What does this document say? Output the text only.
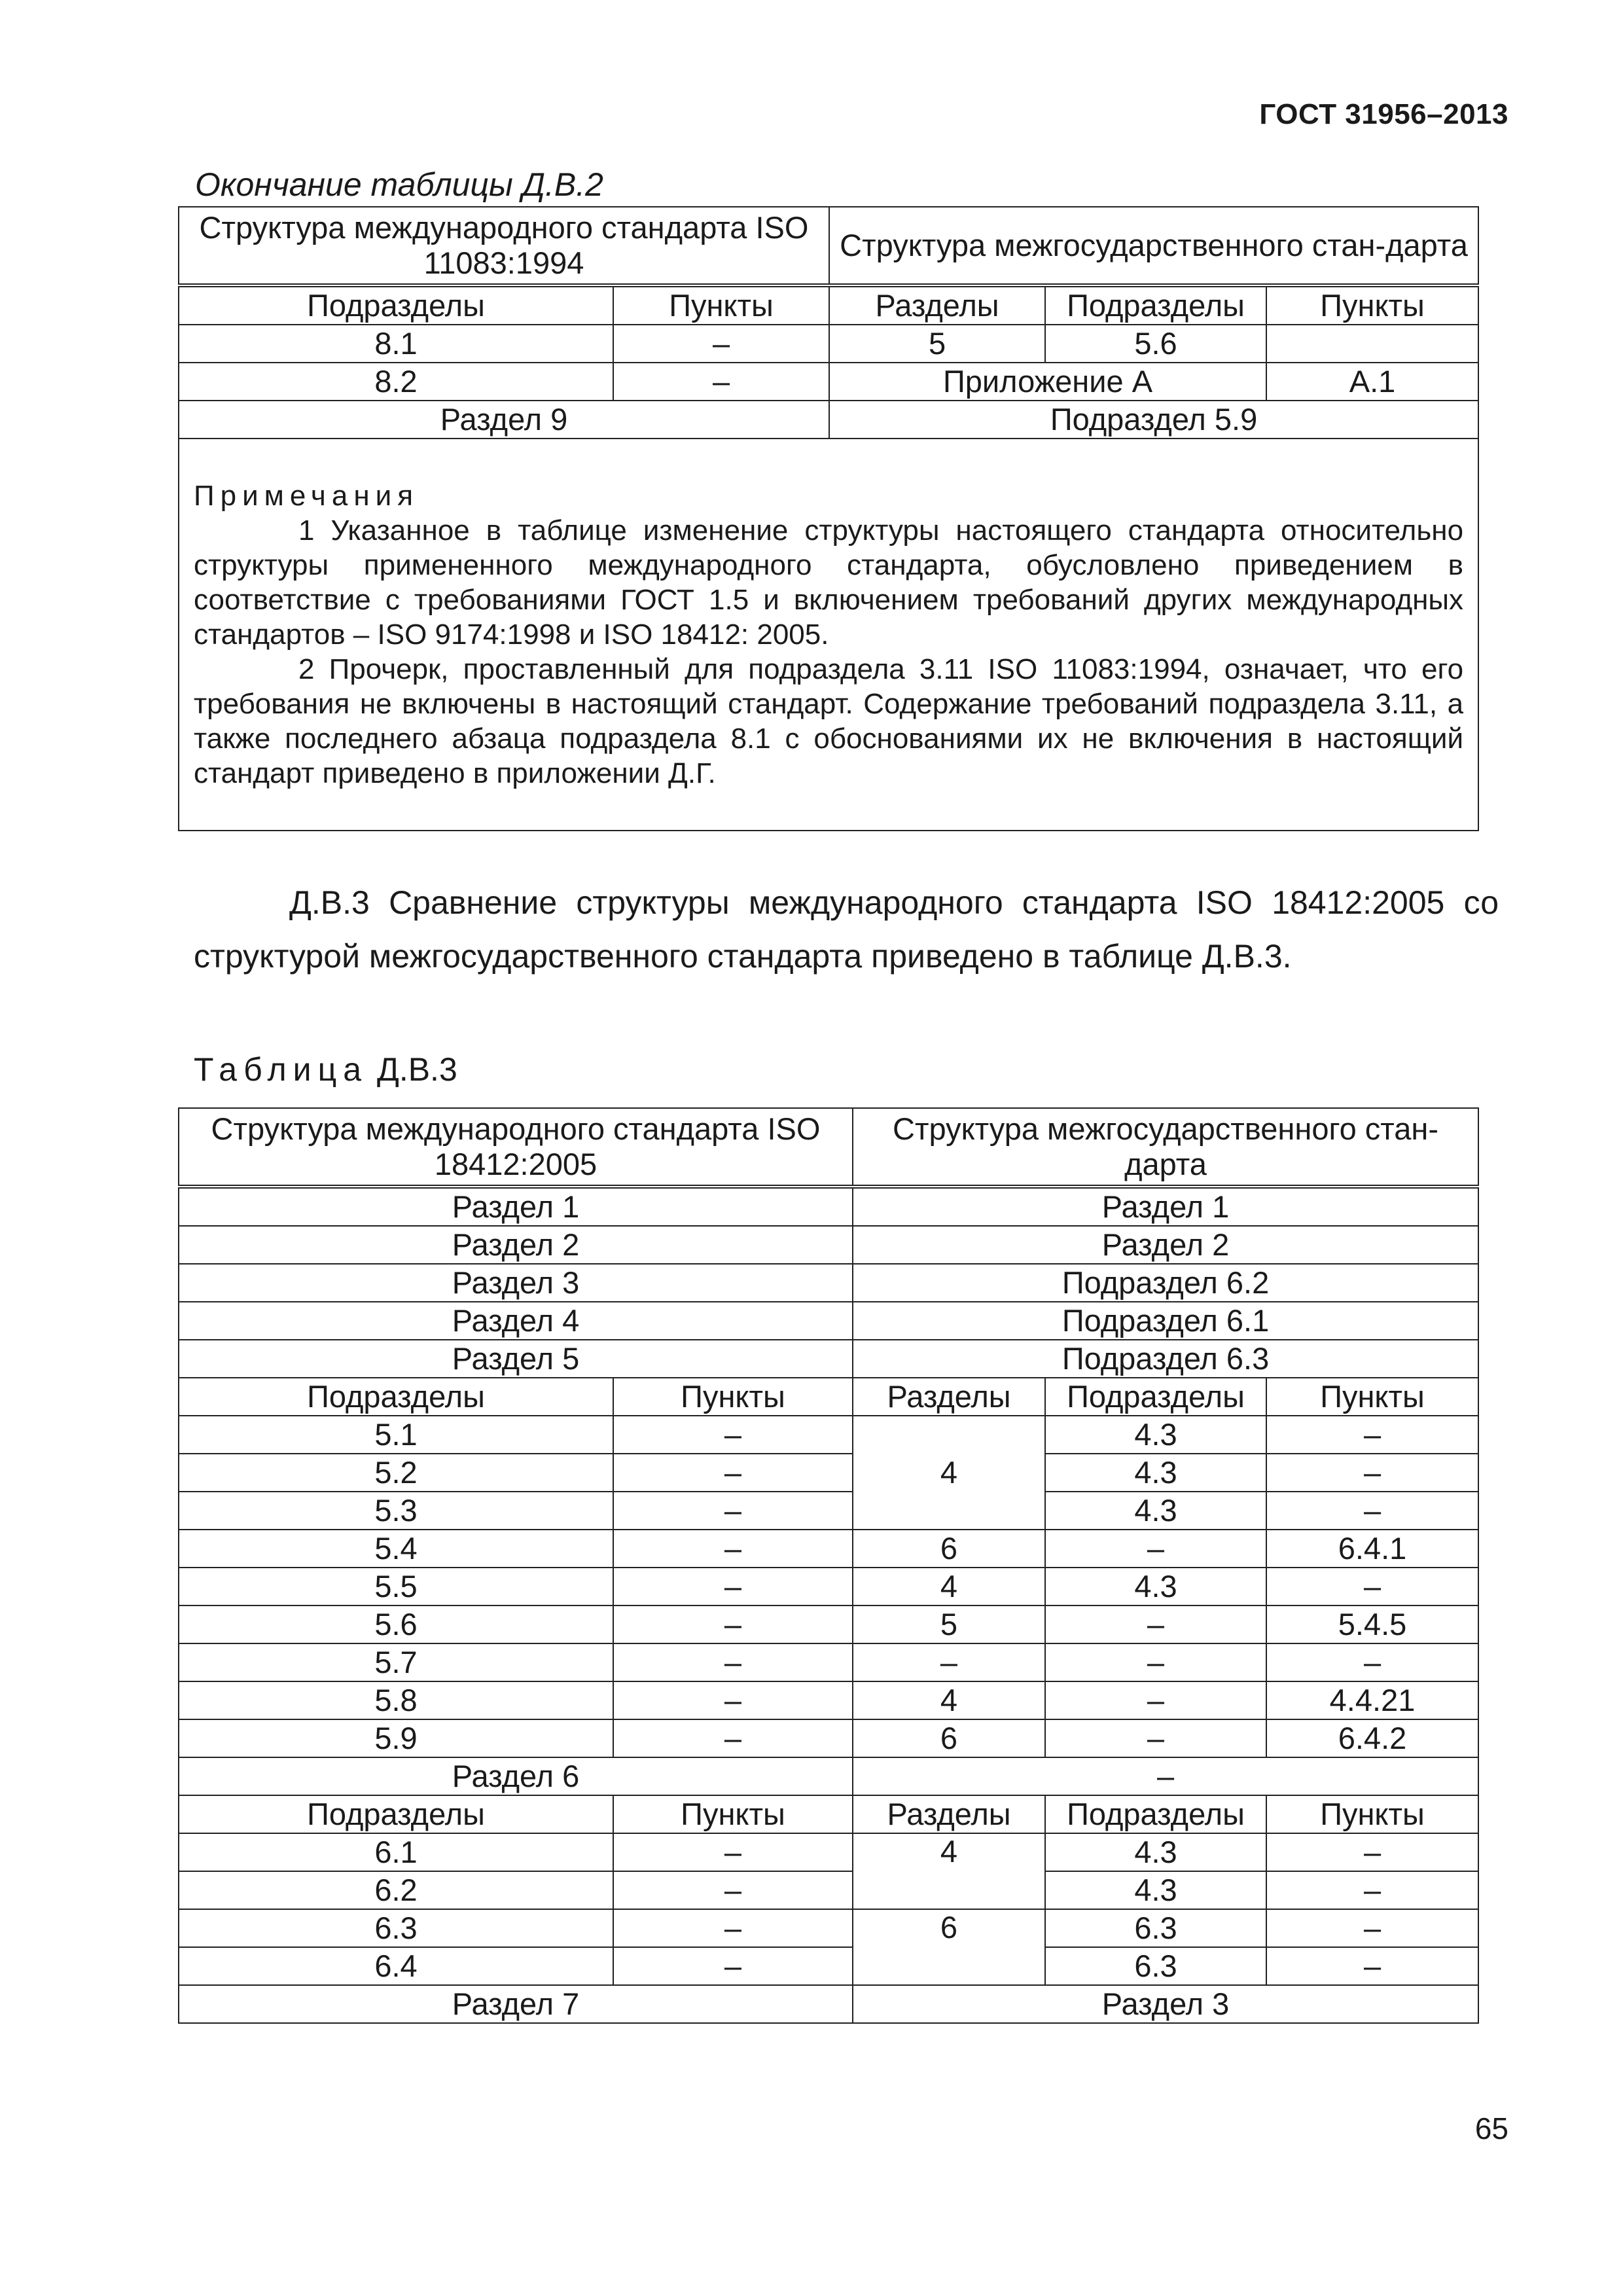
ГОСТ 31956–2013
Окончание таблицы Д.В.2
Структура международного стандарта ISO 11083:1994		Структура межгосударственного стан-дарта		
Подразделы	Пункты	Разделы	Подразделы	Пункты
8.1	–	5	5.6	
8.2	–	Приложение А		А.1
Раздел 9		Подраздел 5.9		

Примечания

1 Указанное в таблице изменение структуры настоящего стандарта относительно структуры примененного международного стандарта, обусловлено приведением в соответствие с требованиями ГОСТ 1.5 и включением требований других международных стандартов – ISO 9174:1998 и ISO 18412: 2005.

2 Прочерк, проставленный для подраздела 3.11 ISO 11083:1994, означает, что его требования не включены в настоящий стандарт. Содержание требований подраздела 3.11, а также последнего абзаца подраздела 8.1 с обоснованиями их не включения в настоящий стандарт приведено в приложении Д.Г.				

Д.В.3 Сравнение структуры международного стандарта ISO 18412:2005 со структурой межгосударственного стандарта приведено в таблице Д.В.3.
Таблица Д.В.3
Структура международного стандарта ISO 18412:2005		Структура межгосударственного стан-дарта		
Раздел 1		Раздел 1		
Раздел 2		Раздел 2		
Раздел 3		Подраздел 6.2		
Раздел 4		Подраздел 6.1		
Раздел 5		Подраздел 6.3		
Подразделы	Пункты	Разделы	Подразделы	Пункты
5.1	–	4	4.3	–
5.2	–		4.3	–
5.3	–		4.3	–
5.4	–	6	–	6.4.1
5.5	–	4	4.3	–
5.6	–	5	–	5.4.5
5.7	–	–	–	–
5.8	–	4	–	4.4.21
5.9	–	6	–	6.4.2
Раздел 6		–		
Подразделы	Пункты	Разделы	Подразделы	Пункты
6.1	–	4	4.3	–
6.2	–		4.3	–
6.3	–	6	6.3	–
6.4	–		6.3	–
Раздел 7		Раздел 3		
65
